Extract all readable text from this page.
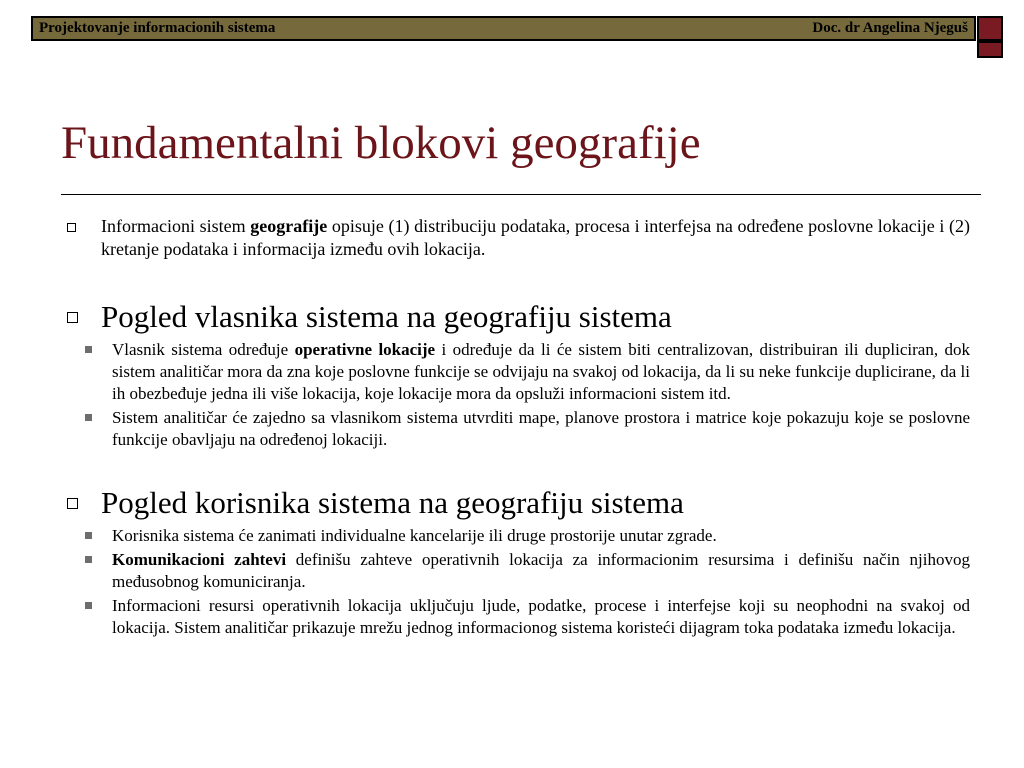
Projektovanje informacionih sistema	Doc. dr Angelina Njeguš
Fundamentalni blokovi geografije
Informacioni sistem geografije opisuje (1) distribuciju podataka, procesa i interfejsa na određene poslovne lokacije i (2) kretanje podataka i informacija između ovih lokacija.
Pogled vlasnika sistema na geografiju sistema
Vlasnik sistema određuje operativne lokacije i određuje da li će sistem biti centralizovan, distribuiran ili dupliciran, dok sistem analitičar mora da zna koje poslovne funkcije se odvijaju na svakoj od lokacija, da li su neke funkcije duplicirane, da li ih obezbeđuje jedna ili više lokacija, koje lokacije mora da opsluži informacioni sistem itd.
Sistem analitičar će zajedno sa vlasnikom sistema utvrditi mape, planove prostora i matrice koje pokazuju koje se poslovne funkcije obavljaju na određenoj lokaciji.
Pogled korisnika sistema na geografiju sistema
Korisnika sistema će zanimati individualne kancelarije ili druge prostorije unutar zgrade.
Komunikacioni zahtevi definišu zahteve operativnih lokacija za informacionim resursima i definišu način njihovog međusobnog komuniciranja.
Informacioni resursi operativnih lokacija uključuju ljude, podatke, procese i interfejse koji su neophodni na svakoj od lokacija. Sistem analitičar prikazuje mrežu jednog informacionog sistema koristeći dijagram toka podataka između lokacija.
